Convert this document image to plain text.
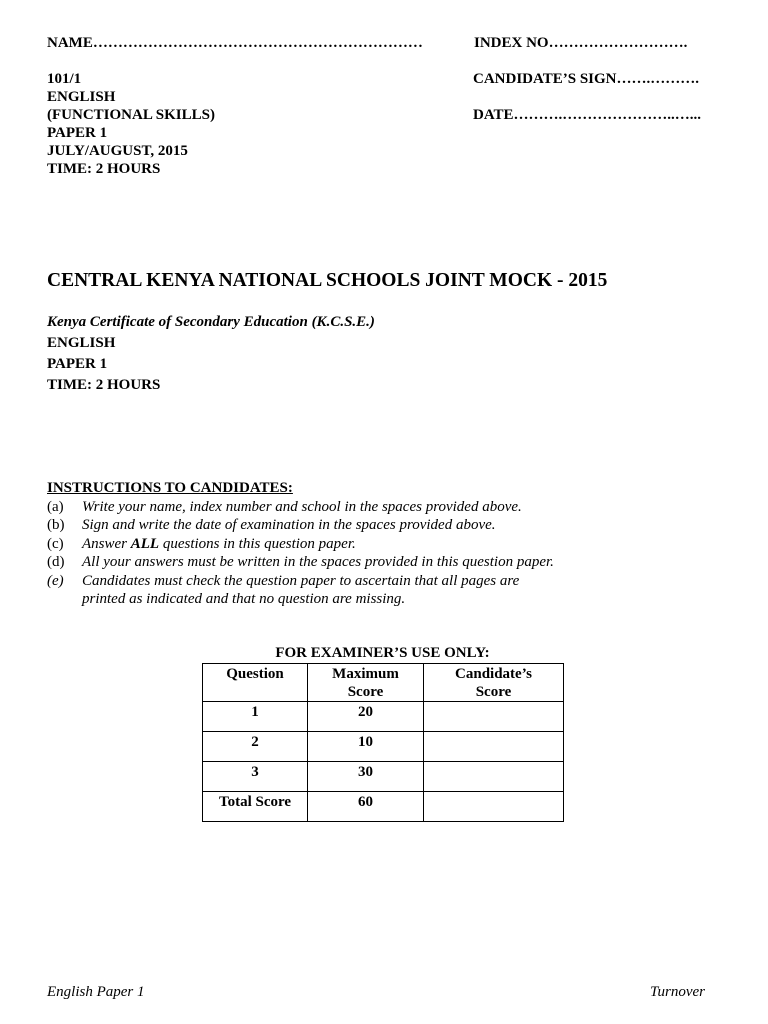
NAME…………………………………………………………	INDEX NO……………………….
101/1
ENGLISH
(FUNCTIONAL SKILLS)
PAPER 1
JULY/AUGUST, 2015
TIME: 2 HOURS
CANDIDATE’S SIGN…….……….
DATE……….…………………..…...
CENTRAL KENYA NATIONAL SCHOOLS JOINT MOCK - 2015
Kenya Certificate of Secondary Education (K.C.S.E.)
ENGLISH
PAPER 1
TIME: 2 HOURS
INSTRUCTIONS TO CANDIDATES:
(a)	Write your name, index number and school in the spaces provided above.
(b)	Sign and write the date of examination in the spaces provided above.
(c)	Answer ALL questions in this question paper.
(d)	All your answers must be written in the spaces provided in this question paper.
(e)	Candidates must check the question paper to ascertain that all pages are
printed as indicated and that no question are missing.
FOR EXAMINER’S USE ONLY:
Question	Maximum Score	Candidate’s Score
1	20	
2	10	
3	30	
Total Score	60	
English Paper 1	Turnover
